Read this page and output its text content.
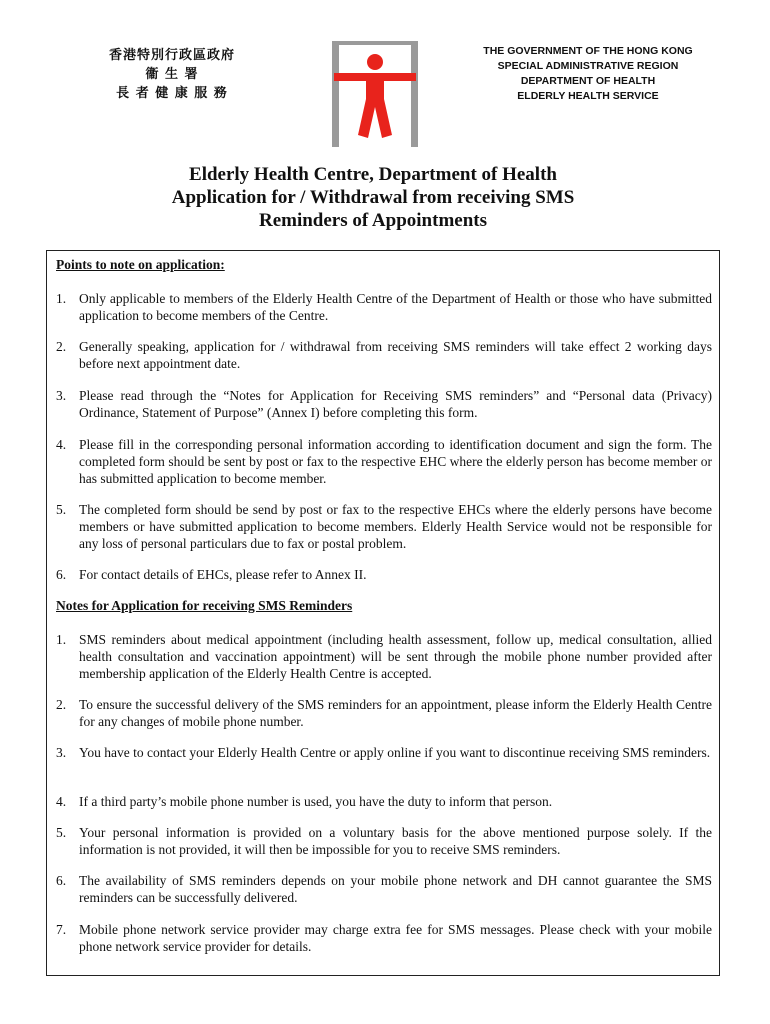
香港特別行政區政府
衞 生 署
長 者 健 康 服 務
THE GOVERNMENT OF THE HONG KONG
SPECIAL ADMINISTRATIVE REGION
DEPARTMENT OF HEALTH
ELDERLY HEALTH SERVICE
Elderly Health Centre, Department of Health
Application for / Withdrawal from receiving SMS
Reminders of Appointments
Points to note on application:
1. Only applicable to members of the Elderly Health Centre of the Department of Health or those who have submitted application to become members of the Centre.
2. Generally speaking, application for / withdrawal from receiving SMS reminders will take effect 2 working days before next appointment date.
3. Please read through the “Notes for Application for Receiving SMS reminders” and “Personal data (Privacy) Ordinance, Statement of Purpose” (Annex I) before completing this form.
4. Please fill in the corresponding personal information according to identification document and sign the form. The completed form should be sent by post or fax to the respective EHC where the elderly person has become member or has submitted application to become member.
5. The completed form should be send by post or fax to the respective EHCs where the elderly persons have become members or have submitted application to become members. Elderly Health Service would not be responsible for any loss of personal particulars due to fax or postal problem.
6. For contact details of EHCs, please refer to Annex II.
Notes for Application for receiving SMS Reminders
1. SMS reminders about medical appointment (including health assessment, follow up, medical consultation, allied health consultation and vaccination appointment) will be sent through the mobile phone number provided after membership application of the Elderly Health Centre is accepted.
2. To ensure the successful delivery of the SMS reminders for an appointment, please inform the Elderly Health Centre for any changes of mobile phone number.
3. You have to contact your Elderly Health Centre or apply online if you want to discontinue receiving SMS reminders.
4. If a third party’s mobile phone number is used, you have the duty to inform that person.
5. Your personal information is provided on a voluntary basis for the above mentioned purpose solely. If the information is not provided, it will then be impossible for you to receive SMS reminders.
6. The availability of SMS reminders depends on your mobile phone network and DH cannot guarantee the SMS reminders can be successfully delivered.
7. Mobile phone network service provider may charge extra fee for SMS messages. Please check with your mobile phone network service provider for details.
